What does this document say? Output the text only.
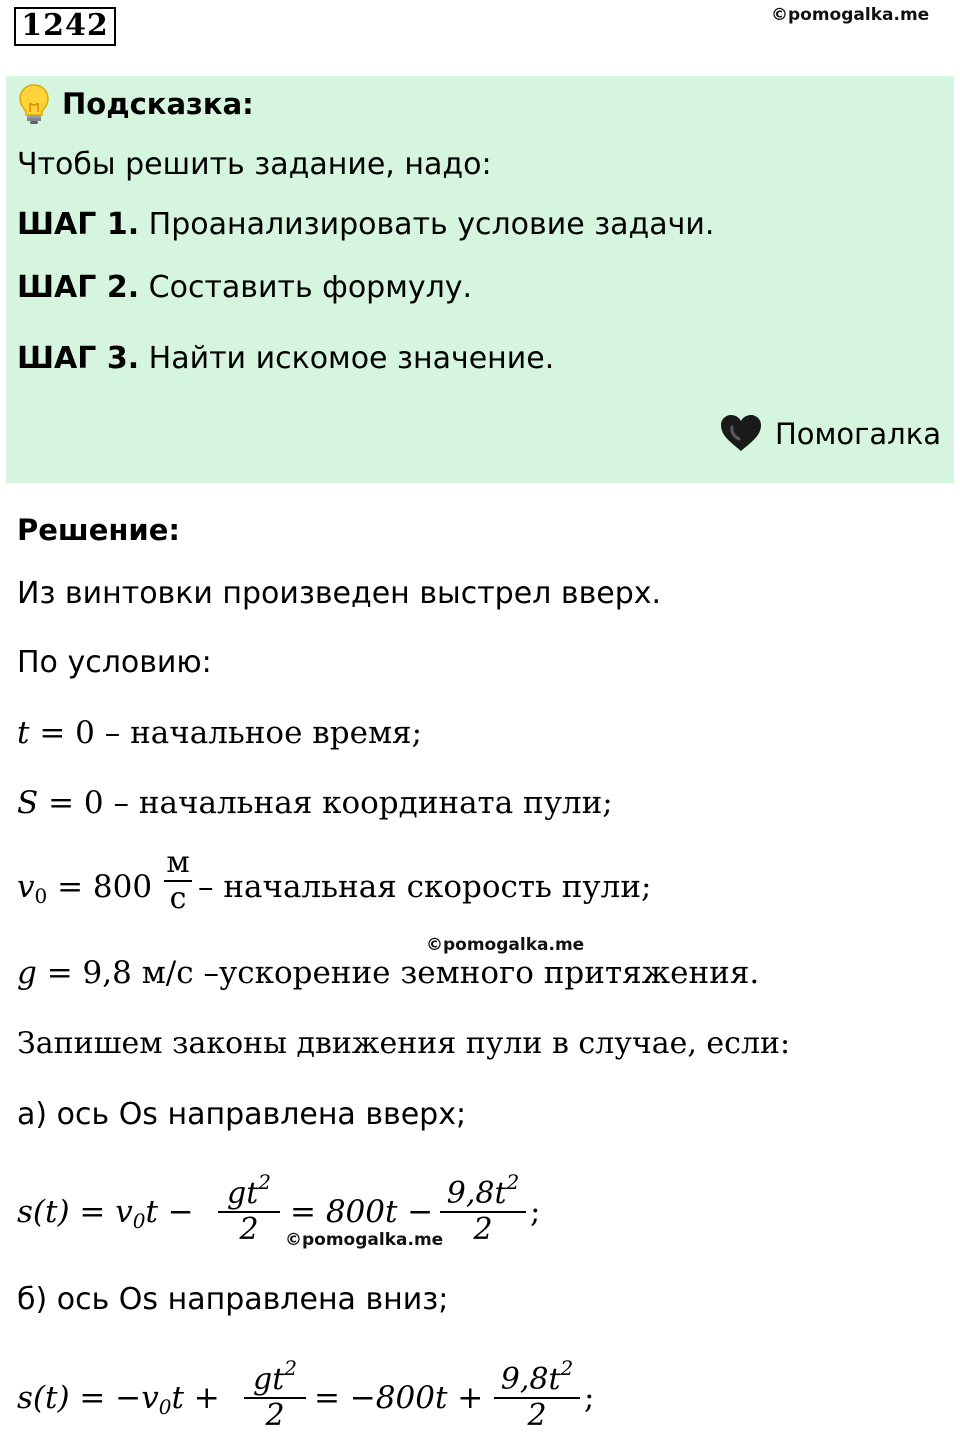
1242	©pomogalka.me
Подсказка:
Чтобы решить задание, надо:
ШАГ 1. Проанализировать условие задачи.
ШАГ 2. Составить формулу.
ШАГ 3. Найти искомое значение.
Помогалка
Решение:
Из винтовки произведен выстрел вверх.
По условию:
t = 0 – начальное время;
S = 0 – начальная координата пули;
$v_0 = 800$
м
с – начальная скорость пули;
©pomogalka.me
g = 9,8 м/с –ускорение земного притяжения.
Запишем законы движения пули в случае, если:
а) ось Os направлена вверх;
$s(t) = v_0t$ −
$gt^2$
2 = 800t −
$9,8t^2$
2 ;
©pomogalka.me
б) ось Os направлена вниз;
$s(t) = -v_0t$ +
$gt^2$
2 = −800t +
$9,8t^2$
2 ;
